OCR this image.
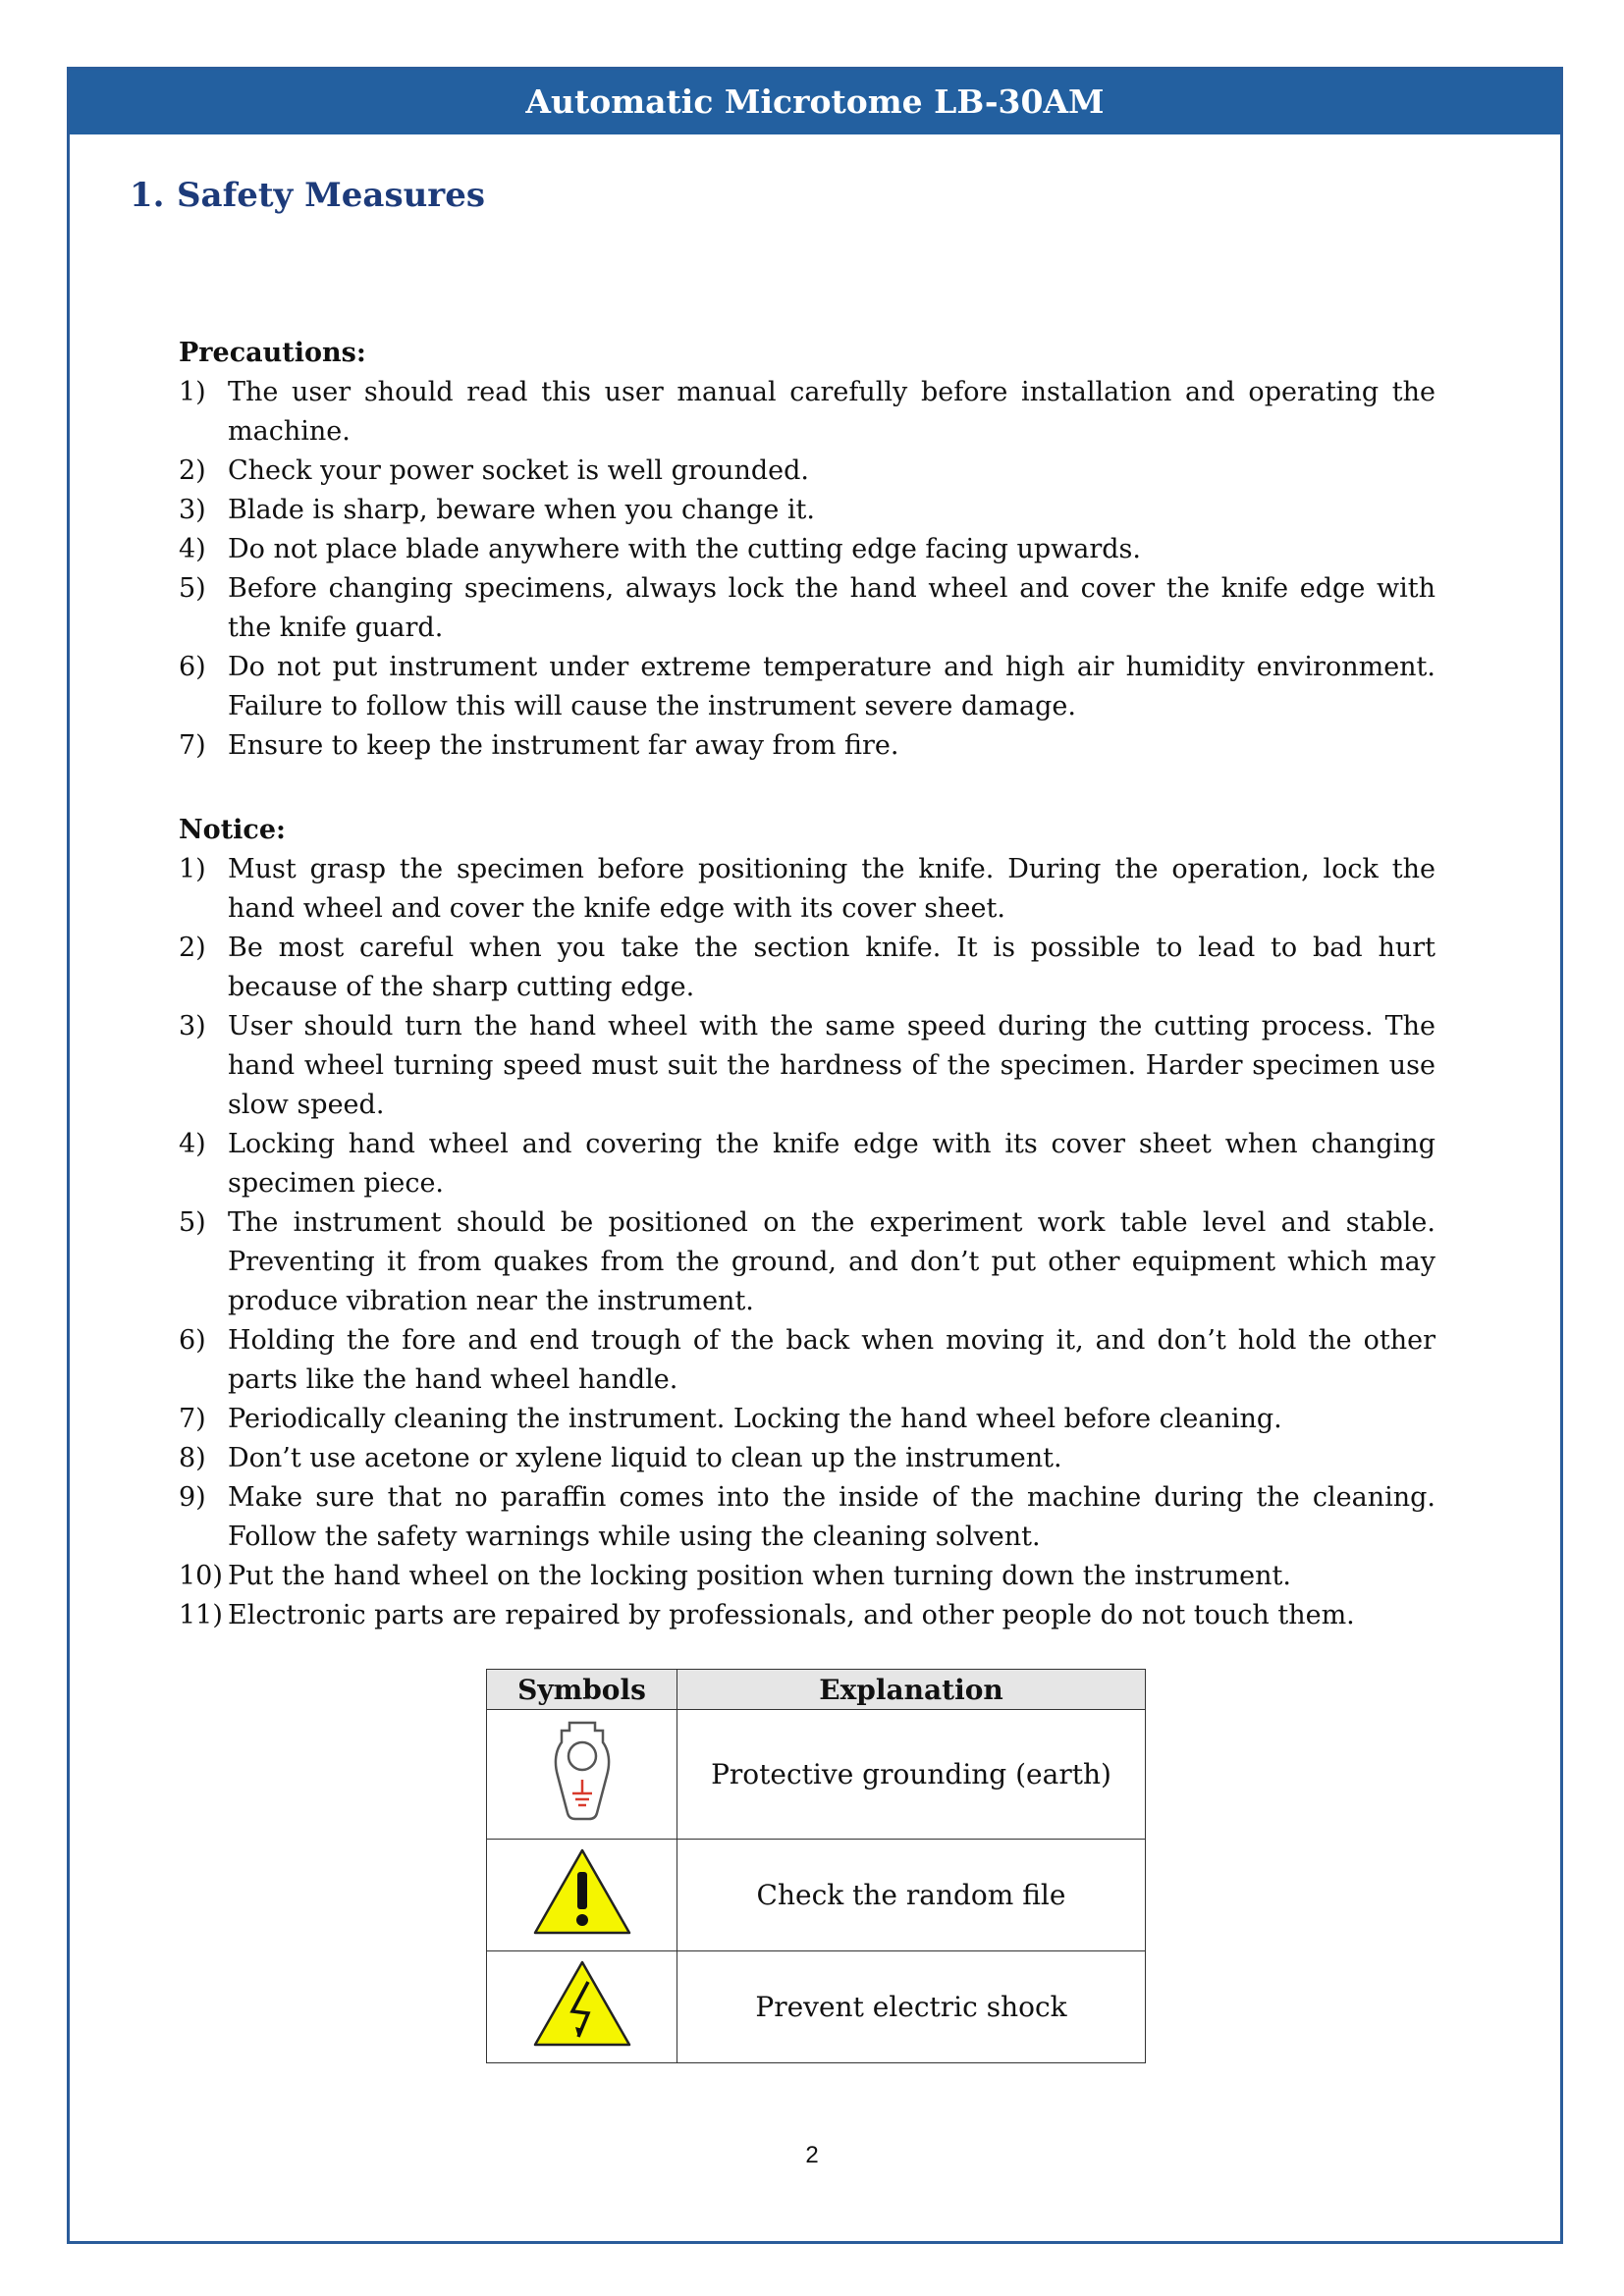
Automatic Microtome LB-30AM
1. Safety Measures

Precautions:

1) The user should read this user manual carefully before installation and operating the machine.

2) Check your power socket is well grounded.

3) Blade is sharp, beware when you change it.

4) Do not place blade anywhere with the cutting edge facing upwards.

5) Before changing specimens, always lock the hand wheel and cover the knife edge with the knife guard.

6) Do not put instrument under extreme temperature and high air humidity environment. Failure to follow this will cause the instrument severe damage.

7) Ensure to keep the instrument far away from fire.

Notice:

1) Must grasp the specimen before positioning the knife. During the operation, lock the hand wheel and cover the knife edge with its cover sheet.

2) Be most careful when you take the section knife. It is possible to lead to bad hurt because of the sharp cutting edge.

3) User should turn the hand wheel with the same speed during the cutting process. The hand wheel turning speed must suit the hardness of the specimen. Harder specimen use slow speed.

4) Locking hand wheel and covering the knife edge with its cover sheet when changing specimen piece.

5) The instrument should be positioned on the experiment work table level and stable. Preventing it from quakes from the ground, and don’t put other equipment which may produce vibration near the instrument.

6) Holding the fore and end trough of the back when moving it, and don’t hold the other parts like the hand wheel handle.

7) Periodically cleaning the instrument. Locking the hand wheel before cleaning.

8) Don’t use acetone or xylene liquid to clean up the instrument.

9) Make sure that no paraffin comes into the inside of the machine during the cleaning. Follow the safety warnings while using the cleaning solvent.

10) Put the hand wheel on the locking position when turning down the instrument.

11) Electronic parts are repaired by professionals, and other people do not touch them.

Symbols	Explanation
	Protective grounding (earth)
	Check the random file
	Prevent electric shock
2
